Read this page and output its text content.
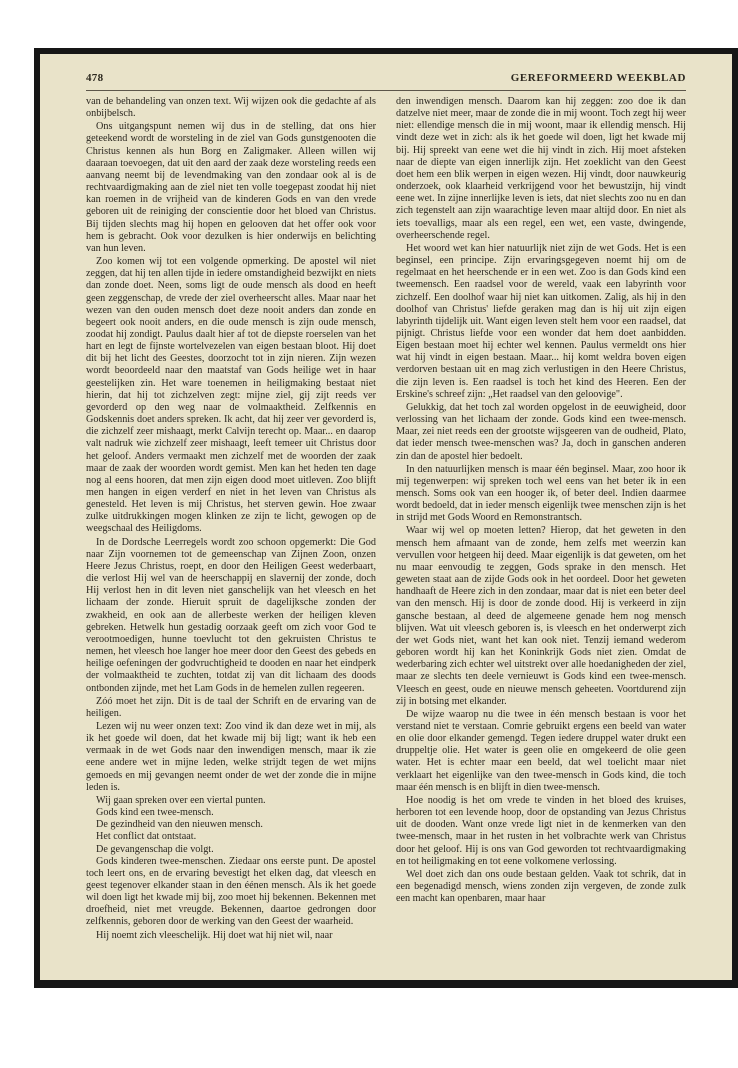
478	GEREFORMEERD WEEKBLAD

van de behandeling van onzen text. Wij wijzen ook die gedachte af als onbijbelsch.

Ons uitgangspunt nemen wij dus in de stelling, dat ons hier geteekend wordt de worsteling in de ziel van Gods gunstgenooten die Christus kennen als hun Borg en Zaligmaker. Alleen willen wij daaraan toevoegen, dat uit den aard der zaak deze worsteling reeds een aanvang neemt bij de levendmaking van den zondaar ook al is de rechtvaardigmaking aan de ziel niet ten volle toegepast zoodat hij niet kan roemen in de vrijheid van de kinderen Gods en van den vrede geboren uit de reiniging der conscientie door het bloed van Christus. Bij tijden slechts mag hij hopen en gelooven dat het offer ook voor hem is gebracht. Ook voor dezulken is hier onderwijs en belichting van hun leven.

Zoo komen wij tot een volgende opmerking. De apostel wil niet zeggen, dat hij ten allen tijde in iedere omstandigheid bezwijkt en niets dan zonde doet. Neen, soms ligt de oude mensch als dood en heeft geen zeggenschap, de vrede der ziel overheerscht alles. Maar naar het wezen van den ouden mensch doet deze nooit anders dan zonde en begeert ook nooit anders, en die oude mensch is zijn oude mensch, zoodat hij zondigt. Paulus daalt hier af tot de diepste roerselen van het hart en legt de fijnste wortelvezelen van eigen bestaan bloot. Hij doet dit bij het licht des Geestes, doorzocht tot in zijn nieren. Zijn wezen wordt beoordeeld naar den maatstaf van Gods heilige wet in haar geestelijken zin. Het ware toenemen in heiligmaking bestaat niet hierin, dat hij tot zichzelven zegt: mijne ziel, gij zijt reeds ver gevorderd op den weg naar de volmaaktheid. Zelfkennis en Godskennis doet anders spreken. Ik acht, dat hij zeer ver gevorderd is, die zichzelf zeer mishaagt, merkt Calvijn terecht op. Maar... en daarop valt nadruk wie zichzelf zeer mishaagt, leeft temeer uit Christus door het geloof. Anders vermaakt men zichzelf met de woorden der zaak maar de zaak der woorden wordt gemist. Men kan het heden ten dage nog al eens hooren, dat men zijn eigen dood moet uitleven. Zoo blijft men hangen in eigen verderf en niet in het leven van Christus als genesteld. Het leven is mij Christus, het sterven gewin. Hoe zwaar zulke uitdrukkingen mogen klinken ze zijn te licht, gewogen op de weegschaal des Heiligdoms.

In de Dordsche Leerregels wordt zoo schoon opgemerkt: Die God naar Zijn voornemen tot de gemeenschap van Zijnen Zoon, onzen Heere Jezus Christus, roept, en door den Heiligen Geest wederbaart, die verlost Hij wel van de heerschappij en slavernij der zonde, doch Hij verlost hen in dit leven niet ganschelijk van het vleesch en het lichaam der zonde. Hieruit spruit de dagelijksche zonden der zwakheid, en ook aan de allerbeste werken der heiligen kleven gebreken. Hetwelk hun gestadig oorzaak geeft om zich voor God te verootmoedigen, hunne toevlucht tot den gekruisten Christus te nemen, het vleesch hoe langer hoe meer door den Geest des gebeds en heilige oefeningen der godvruchtigheid te dooden en naar het eindperk der volmaaktheid te zuchten, totdat zij van dit lichaam des doods ontbonden zijnde, met het Lam Gods in de hemelen zullen regeeren.

Zóó moet het zijn. Dit is de taal der Schrift en de ervaring van de heiligen.

Lezen wij nu weer onzen text: Zoo vind ik dan deze wet in mij, als ik het goede wil doen, dat het kwade mij bij ligt; want ik heb een vermaak in de wet Gods naar den inwendigen mensch, maar ik zie eene andere wet in mijne leden, welke strijdt tegen de wet mijns gemoeds en mij gevangen neemt onder de wet der zonde die in mijne leden is.

Wij gaan spreken over een viertal punten.

Gods kind een twee-mensch.

De gezindheid van den nieuwen mensch.

Het conflict dat ontstaat.

De gevangenschap die volgt.

Gods kinderen twee-menschen. Ziedaar ons eerste punt. De apostel toch leert ons, en de ervaring bevestigt het elken dag, dat vleesch en geest tegenover elkander staan in den éénen mensch. Als ik het goede wil doen ligt het kwade mij bij, zoo moet hij bekennen. Bekennen met droefheid, niet met vreugde. Bekennen, daartoe gedrongen door zelfkennis, geboren door de werking van den Geest der waarheid.

Hij noemt zich vleeschelijk. Hij doet wat hij niet wil, naar

den inwendigen mensch. Daarom kan hij zeggen: zoo doe ik dan datzelve niet meer, maar de zonde die in mij woont. Toch zegt hij weer niet: ellendige mensch die in mij woont, maar ik ellendig mensch. Hij vindt deze wet in zich: als ik het goede wil doen, ligt het kwade mij bij. Hij spreekt van eene wet die hij vindt in zich. Hij moet afsteken naar de diepte van eigen innerlijk zijn. Het zoeklicht van den Geest doet hem een blik werpen in eigen wezen. Hij vindt, door nauwkeurig onderzoek, ook klaarheid verkrijgend voor het bewustzijn, hij vindt eene wet. In zijne innerlijke leven is iets, dat niet slechts zoo nu en dan zich tegenstelt aan zijn waarachtige leven maar altijd door. En niet als iets toevalligs, maar als een regel, een wet, een vaste, dwingende, overheerschende regel.

Het woord wet kan hier natuurlijk niet zijn de wet Gods. Het is een beginsel, een principe. Zijn ervaringsgegeven noemt hij om de regelmaat en het heerschende er in een wet. Zoo is dan Gods kind een tweemensch. Een raadsel voor de wereld, vaak een labyrinth voor zichzelf. Een doolhof waar hij niet kan uitkomen. Zalig, als hij in den doolhof van Christus' liefde geraken mag dan is hij uit zijn eigen labyrinth tijdelijk uit. Want eigen leven stelt hem voor een raadsel, dat pijnigt. Christus liefde voor een wonder dat hem doet aanbidden. Eigen bestaan moet hij echter wel kennen. Paulus vermeldt ons hier wat hij vindt in eigen bestaan. Maar... hij komt weldra boven eigen verdorven bestaan uit en mag zich verlustigen in den Heere Christus, die zijn leven is. Een raadsel is toch het kind des Heeren. Een der Erskine's schreef zijn: „Het raadsel van den geloovige".

Gelukkig, dat het toch zal worden opgelost in de eeuwigheid, door verlossing van het lichaam der zonde. Gods kind een twee-mensch. Maar, zei niet reeds een der grootste wijsgeeren van de oudheid, Plato, dat ieder mensch twee-menschen was? Ja, doch in ganschen anderen zin dan de apostel hier bedoelt.

In den natuurlijken mensch is maar één beginsel. Maar, zoo hoor ik mij tegenwerpen: wij spreken toch wel eens van het beter ik in een mensch. Soms ook van een hooger ik, of beter deel. Indien daarmee wordt bedoeld, dat in ieder mensch eigenlijk twee menschen zijn is het in strijd met Gods Woord en Remonstrantsch.

Waar wij wel op moeten letten? Hierop, dat het geweten in den mensch hem afmaant van de zonde, hem zelfs met weerzin kan vervullen voor hetgeen hij deed. Maar eigenlijk is dat geweten, om het nu maar eenvoudig te zeggen, Gods sprake in den mensch. Het geweten staat aan de zijde Gods ook in het oordeel. Door het geweten handhaaft de Heere zich in den zondaar, maar dat is niet een beter deel van den mensch. Hij is door de zonde dood. Hij is verkeerd in zijn gansche bestaan, al deed de algemeene genade hem nog mensch blijven. Wat uit vleesch geboren is, is vleesch en het onderwerpt zich der wet Gods niet, want het kan ook niet. Tenzij iemand wederom geboren wordt hij kan het Koninkrijk Gods niet zien. Omdat de wederbaring zich echter wel uitstrekt over alle hoedanigheden der ziel, maar ze slechts ten deele vernieuwt is Gods kind een twee-mensch. Vleesch en geest, oude en nieuwe mensch geheeten. Voortdurend zijn zij in botsing met elkander.

De wijze waarop nu die twee in één mensch bestaan is voor het verstand niet te verstaan. Comrie gebruikt ergens een beeld van water en olie door elkander gemengd. Tegen iedere druppel water drukt een druppeltje olie. Het water is geen olie en omgekeerd de olie geen water. Het is echter maar een beeld, dat wel toelicht maar niet verklaart het eigenlijke van den twee-mensch in Gods kind, die toch maar één mensch is en blijft in dien twee-mensch.

Hoe noodig is het om vrede te vinden in het bloed des kruises, herboren tot een levende hoop, door de opstanding van Jezus Christus uit de dooden. Want onze vrede ligt niet in de kenmerken van den twee-mensch, maar in het rusten in het volbrachte werk van Christus door het geloof. Hij is ons van God geworden tot rechtvaardigmaking en tot heiligmaking en tot eene volkomene verlossing.

Wel doet zich dan ons oude bestaan gelden. Vaak tot schrik, dat in een begenadigd mensch, wiens zonden zijn vergeven, de zonde zulk een macht kan openbaren, maar haar
